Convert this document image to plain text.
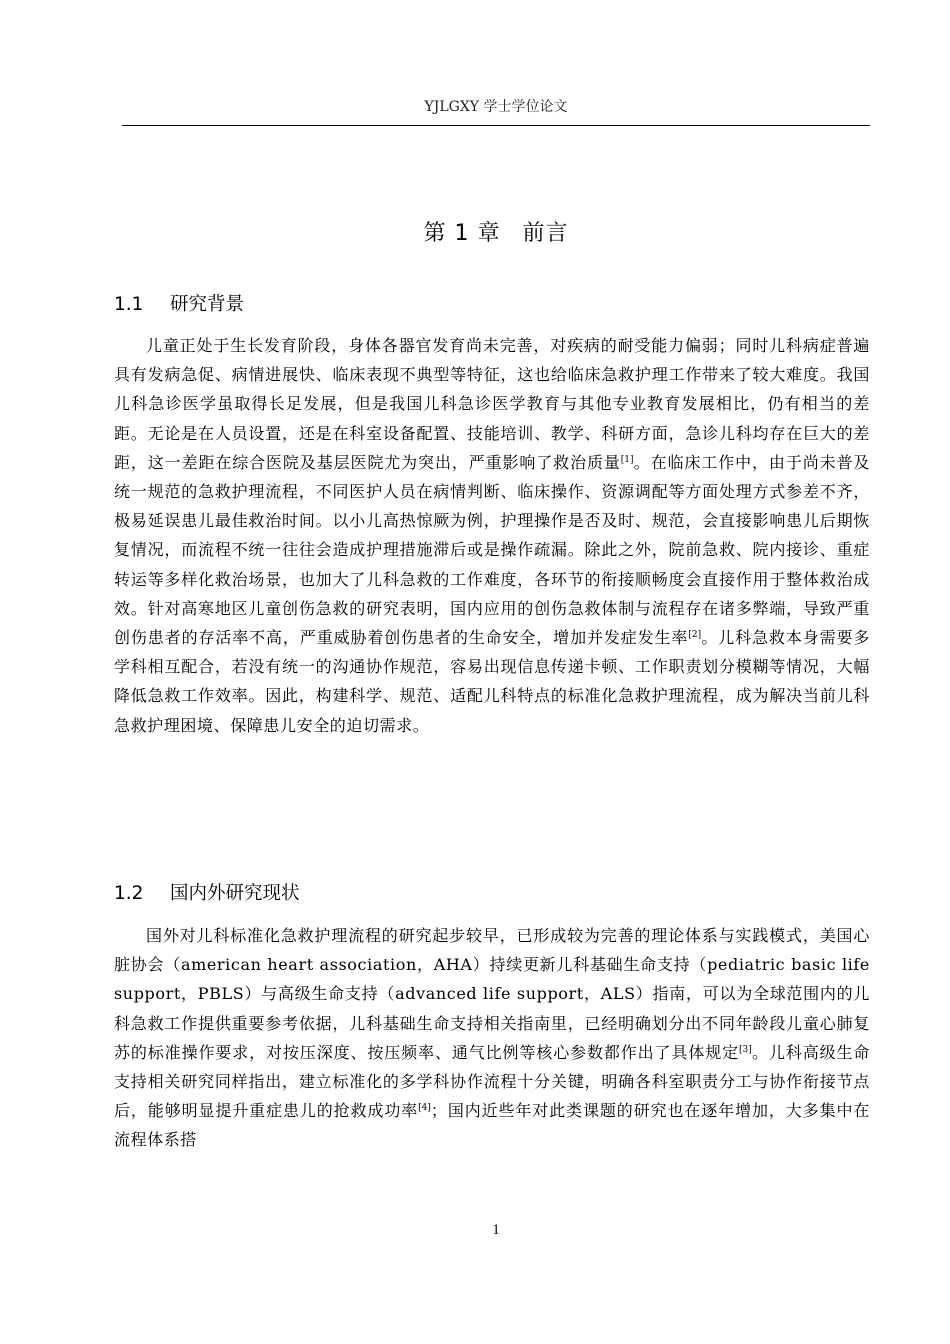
YJLGXY 学士学位论文
第 1 章 前言
1.1 研究背景

儿童正处于生长发育阶段，身体各器官发育尚未完善，对疾病的耐受能力偏弱；同时儿科病症普遍具有发病急促、病情进展快、临床表现不典型等特征，这也给临床急救护理工作带来了较大难度。我国儿科急诊医学虽取得长足发展，但是我国儿科急诊医学教育与其他专业教育发展相比，仍有相当的差距。无论是在人员设置，还是在科室设备配置、技能培训、教学、科研方面，急诊儿科均存在巨大的差距，这一差距在综合医院及基层医院尤为突出，严重影响了救治质量[1]。在临床工作中，由于尚未普及统一规范的急救护理流程，不同医护人员在病情判断、临床操作、资源调配等方面处理方式参差不齐，极易延误患儿最佳救治时间。以小儿高热惊厥为例，护理操作是否及时、规范，会直接影响患儿后期恢复情况，而流程不统一往往会造成护理措施滞后或是操作疏漏。除此之外，院前急救、院内接诊、重症转运等多样化救治场景，也加大了儿科急救的工作难度，各环节的衔接顺畅度会直接作用于整体救治成效。针对高寒地区儿童创伤急救的研究表明，国内应用的创伤急救体制与流程存在诸多弊端，导致严重创伤患者的存活率不高，严重威胁着创伤患者的生命安全，增加并发症发生率[2]。儿科急救本身需要多学科相互配合，若没有统一的沟通协作规范，容易出现信息传递卡顿、工作职责划分模糊等情况，大幅降低急救工作效率。因此，构建科学、规范、适配儿科特点的标准化急救护理流程，成为解决当前儿科急救护理困境、保障患儿安全的迫切需求。

1.2 国内外研究现状

国外对儿科标准化急救护理流程的研究起步较早，已形成较为完善的理论体系与实践模式，美国心脏协会（american heart association，AHA）持续更新儿科基础生命支持（pediatric basic life support，PBLS）与高级生命支持（advanced life support，ALS）指南，可以为全球范围内的儿科急救工作提供重要参考依据，儿科基础生命支持相关指南里，已经明确划分出不同年龄段儿童心肺复苏的标准操作要求，对按压深度、按压频率、通气比例等核心参数都作出了具体规定[3]。儿科高级生命支持相关研究同样指出，建立标准化的多学科协作流程十分关键，明确各科室职责分工与协作衔接节点后，能够明显提升重症患儿的抢救成功率[4]；国内近些年对此类课题的研究也在逐年增加，大多集中在流程体系搭

1
